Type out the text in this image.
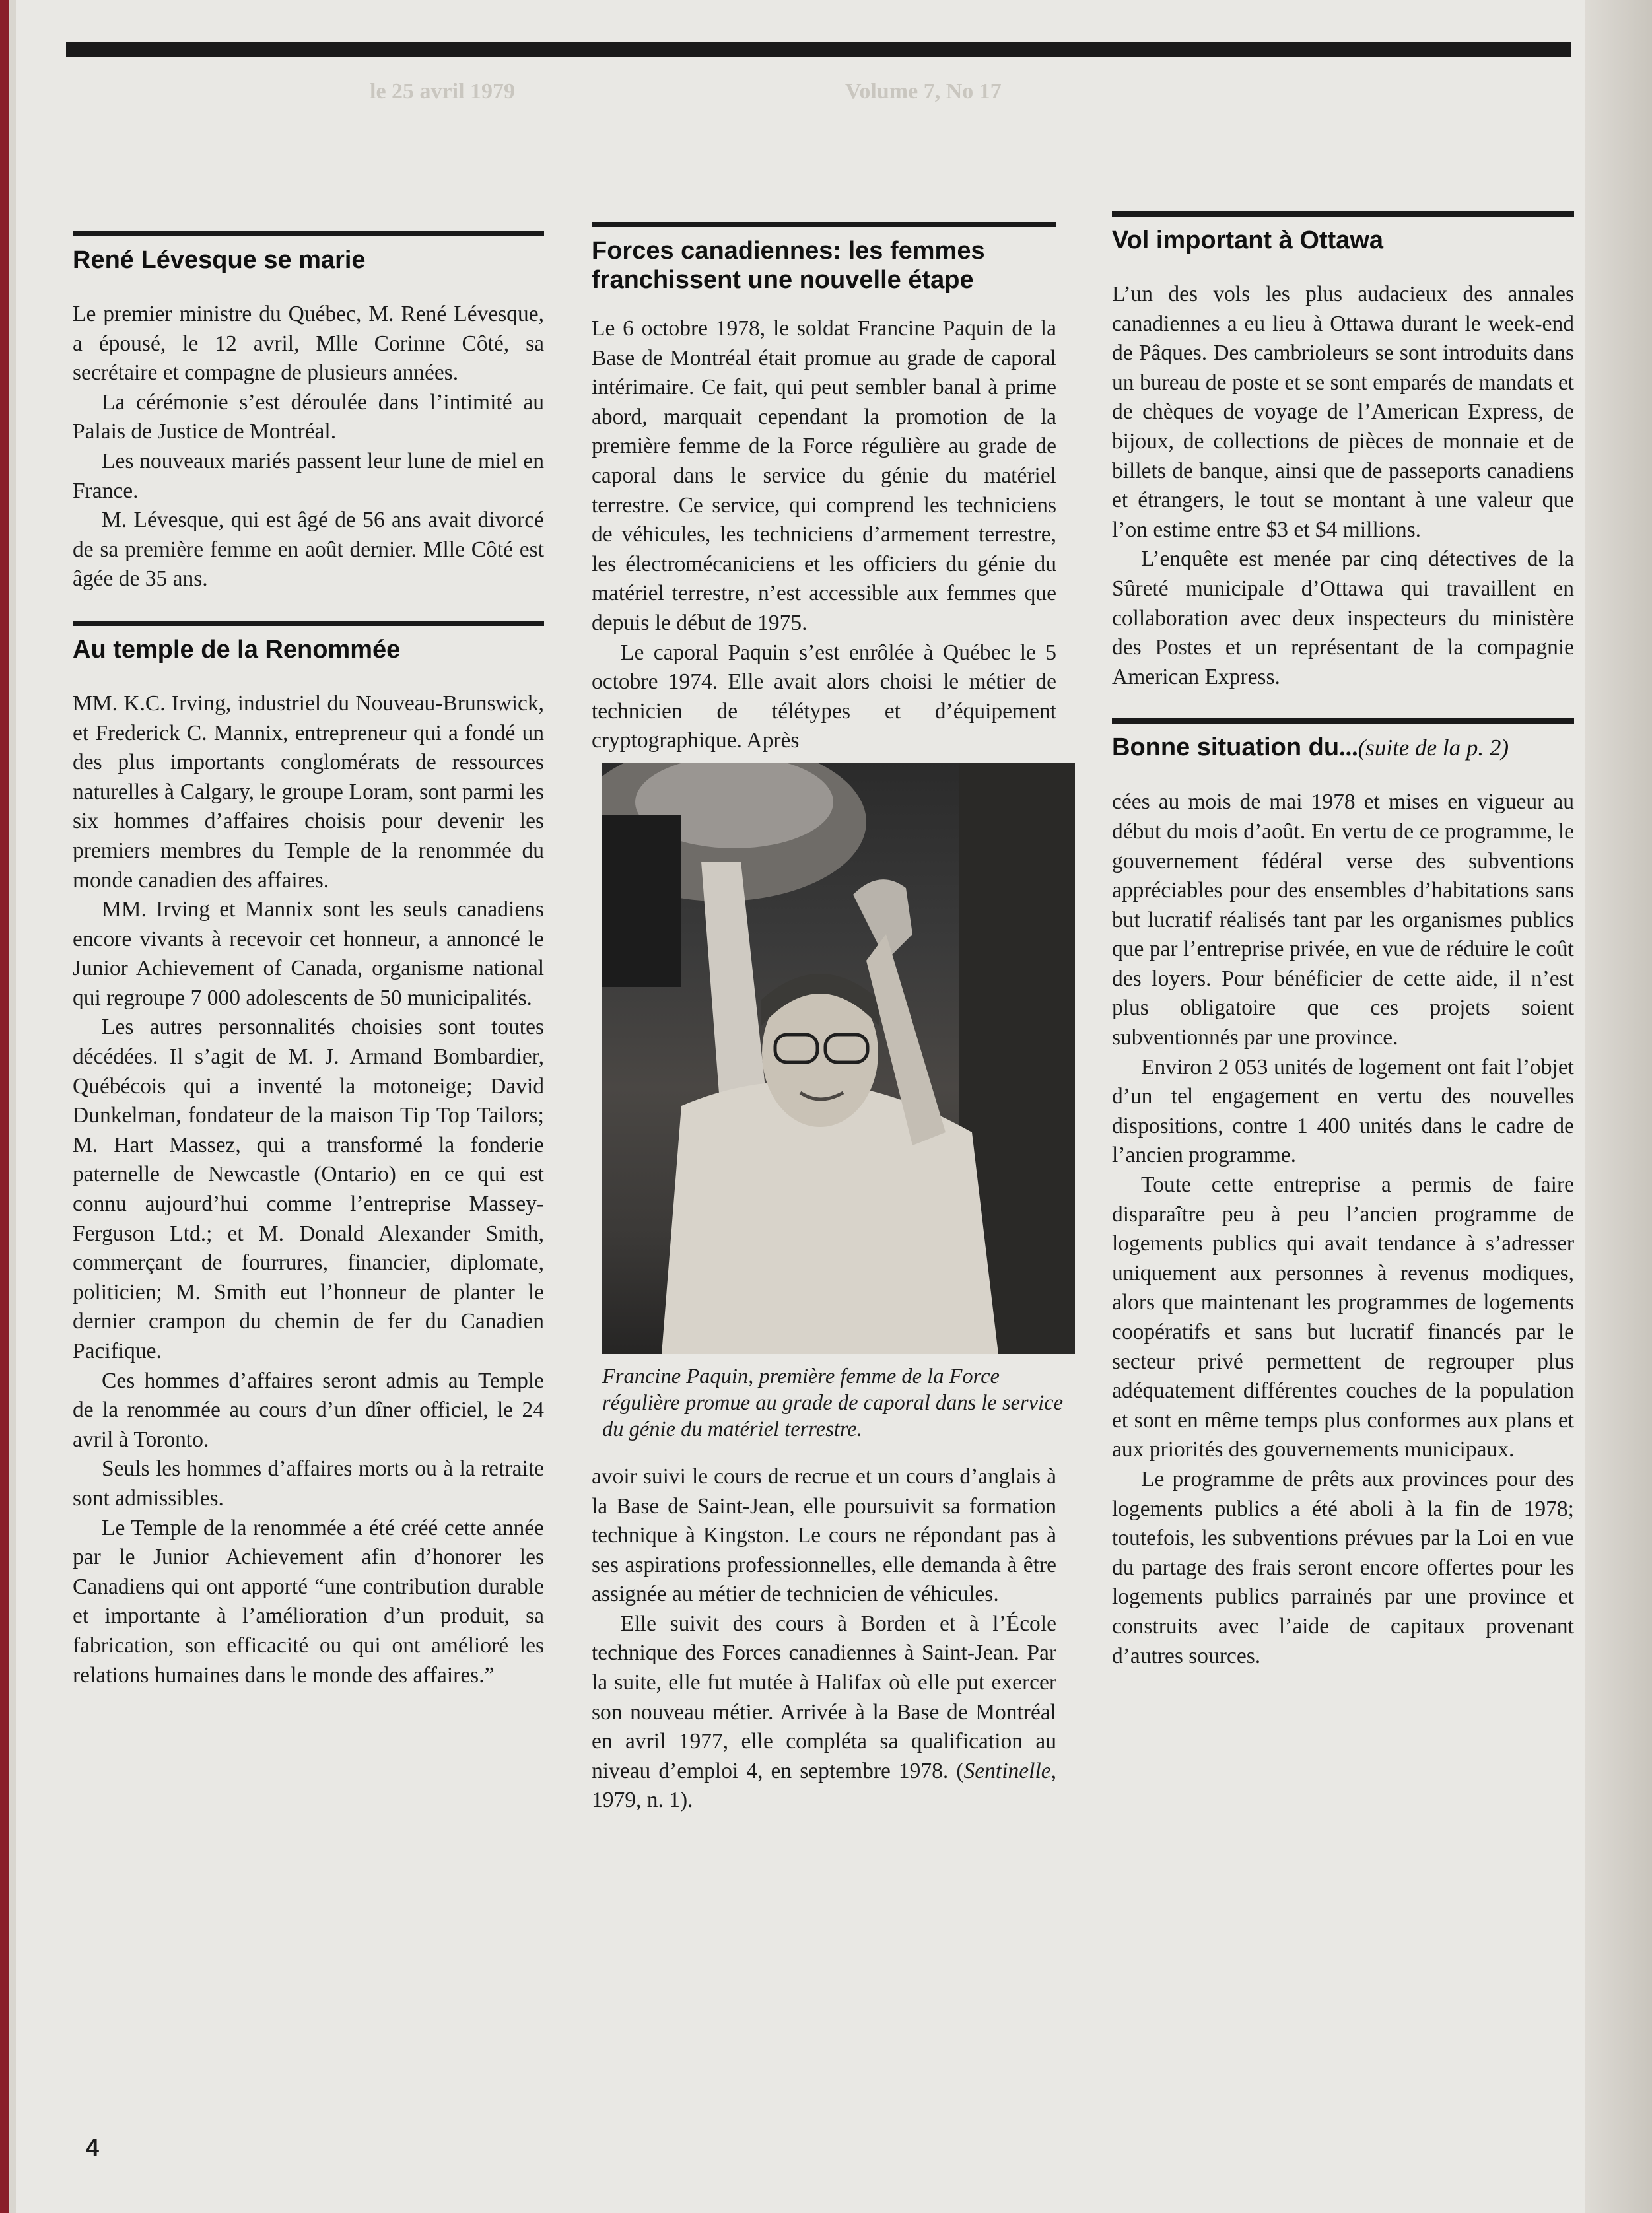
Volume 7, No 17
le 25 avril 1979
René Lévesque se marie

Le premier ministre du Québec, M. René Lévesque, a épousé, le 12 avril, Mlle Corinne Côté, sa secrétaire et compagne de plusieurs années.

La cérémonie s’est déroulée dans l’intimité au Palais de Justice de Montréal.

Les nouveaux mariés passent leur lune de miel en France.

M. Lévesque, qui est âgé de 56 ans avait divorcé de sa première femme en août dernier. Mlle Côté est âgée de 35 ans.

Au temple de la Renommée

MM. K.C. Irving, industriel du Nouveau-Brunswick, et Frederick C. Mannix, entrepreneur qui a fondé un des plus importants conglomérats de ressources naturelles à Calgary, le groupe Loram, sont parmi les six hommes d’affaires choisis pour devenir les premiers membres du Temple de la renommée du monde canadien des affaires.

MM. Irving et Mannix sont les seuls canadiens encore vivants à recevoir cet honneur, a annoncé le Junior Achievement of Canada, organisme national qui regroupe 7 000 adolescents de 50 municipalités.

Les autres personnalités choisies sont toutes décédées. Il s’agit de M. J. Armand Bombardier, Québécois qui a inventé la motoneige; David Dunkelman, fondateur de la maison Tip Top Tailors; M. Hart Massez, qui a transformé la fonderie paternelle de Newcastle (Ontario) en ce qui est connu aujourd’hui comme l’entreprise Massey-Ferguson Ltd.; et M. Donald Alexander Smith, commerçant de fourrures, financier, diplomate, politicien; M. Smith eut l’honneur de planter le dernier crampon du chemin de fer du Canadien Pacifique.

Ces hommes d’affaires seront admis au Temple de la renommée au cours d’un dîner officiel, le 24 avril à Toronto.

Seuls les hommes d’affaires morts ou à la retraite sont admissibles.

Le Temple de la renommée a été créé cette année par le Junior Achievement afin d’honorer les Canadiens qui ont apporté “une contribution durable et importante à l’amélioration d’un produit, sa fabrication, son efficacité ou qui ont amélioré les relations humaines dans le monde des affaires.”

Forces canadiennes: les femmes franchissent une nouvelle étape

Le 6 octobre 1978, le soldat Francine Paquin de la Base de Montréal était promue au grade de caporal intérimaire. Ce fait, qui peut sembler banal à prime abord, marquait cependant la promotion de la première femme de la Force régulière au grade de caporal dans le service du génie du matériel terrestre. Ce service, qui comprend les techniciens de véhicules, les techniciens d’armement terrestre, les électromécaniciens et les officiers du génie du matériel terrestre, n’est accessible aux femmes que depuis le début de 1975.

Le caporal Paquin s’est enrôlée à Québec le 5 octobre 1974. Elle avait alors choisi le métier de technicien de télétypes et d’équipement cryptographique. Après

Francine Paquin, première femme de la Force régulière promue au grade de caporal dans le service du génie du matériel terrestre.

avoir suivi le cours de recrue et un cours d’anglais à la Base de Saint-Jean, elle poursuivit sa formation technique à Kingston. Le cours ne répondant pas à ses aspirations professionnelles, elle demanda à être assignée au métier de technicien de véhicules.

Elle suivit des cours à Borden et à l’École technique des Forces canadiennes à Saint-Jean. Par la suite, elle fut mutée à Halifax où elle put exercer son nouveau métier. Arrivée à la Base de Montréal en avril 1977, elle compléta sa qualification au niveau d’emploi 4, en septembre 1978. (Sentinelle, 1979, n. 1).

Vol important à Ottawa

L’un des vols les plus audacieux des annales canadiennes a eu lieu à Ottawa durant le week-end de Pâques. Des cambrioleurs se sont introduits dans un bureau de poste et se sont emparés de mandats et de chèques de voyage de l’American Express, de bijoux, de collections de pièces de monnaie et de billets de banque, ainsi que de passeports canadiens et étrangers, le tout se montant à une valeur que l’on estime entre $3 et $4 millions.

L’enquête est menée par cinq détectives de la Sûreté municipale d’Ottawa qui travaillent en collaboration avec deux inspecteurs du ministère des Postes et un représentant de la compagnie American Express.

Bonne situation du...(suite de la p. 2)

cées au mois de mai 1978 et mises en vigueur au début du mois d’août. En vertu de ce programme, le gouvernement fédéral verse des subventions appréciables pour des ensembles d’habitations sans but lucratif réalisés tant par les organismes publics que par l’entreprise privée, en vue de réduire le coût des loyers. Pour bénéficier de cette aide, il n’est plus obligatoire que ces projets soient subventionnés par une province.

Environ 2 053 unités de logement ont fait l’objet d’un tel engagement en vertu des nouvelles dispositions, contre 1 400 unités dans le cadre de l’ancien programme.

Toute cette entreprise a permis de faire disparaître peu à peu l’ancien programme de logements publics qui avait tendance à s’adresser uniquement aux personnes à revenus modiques, alors que maintenant les programmes de logements coopératifs et sans but lucratif financés par le secteur privé permettent de regrouper plus adéquatement différentes couches de la population et sont en même temps plus conformes aux plans et aux priorités des gouvernements municipaux.

Le programme de prêts aux provinces pour des logements publics a été aboli à la fin de 1978; toutefois, les subventions prévues par la Loi en vue du partage des frais seront encore offertes pour les logements publics parrainés par une province et construits avec l’aide de capitaux provenant d’autres sources.

4
